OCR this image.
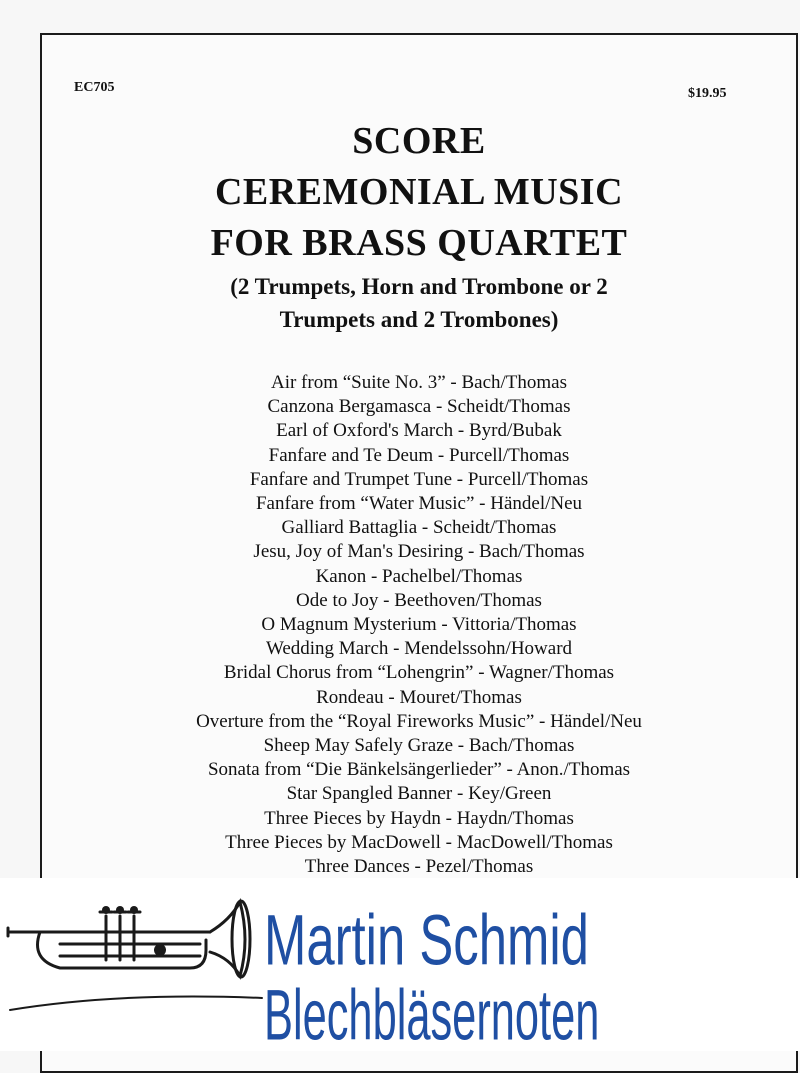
EC705	$19.95
SCORE
CEREMONIAL MUSIC
FOR BRASS QUARTET
(2 Trumpets, Horn and Trombone or 2
Trumpets and 2 Trombones)
Air from “Suite No. 3” - Bach/Thomas
Canzona Bergamasca - Scheidt/Thomas
Earl of Oxford's March - Byrd/Bubak
Fanfare and Te Deum - Purcell/Thomas
Fanfare and Trumpet Tune - Purcell/Thomas
Fanfare from “Water Music” - Händel/Neu
Galliard Battaglia - Scheidt/Thomas
Jesu, Joy of Man's Desiring - Bach/Thomas
Kanon - Pachelbel/Thomas
Ode to Joy - Beethoven/Thomas
O Magnum Mysterium - Vittoria/Thomas
Wedding March - Mendelssohn/Howard
Bridal Chorus from “Lohengrin” - Wagner/Thomas
Rondeau - Mouret/Thomas
Overture from the “Royal Fireworks Music” - Händel/Neu
Sheep May Safely Graze - Bach/Thomas
Sonata from “Die Bänkelsängerlieder” - Anon./Thomas
Star Spangled Banner - Key/Green
Three Pieces by Haydn - Haydn/Thomas
Three Pieces by MacDowell - MacDowell/Thomas
Three Dances - Pezel/Thomas
Martin Schmid
Blechbläsernoten
